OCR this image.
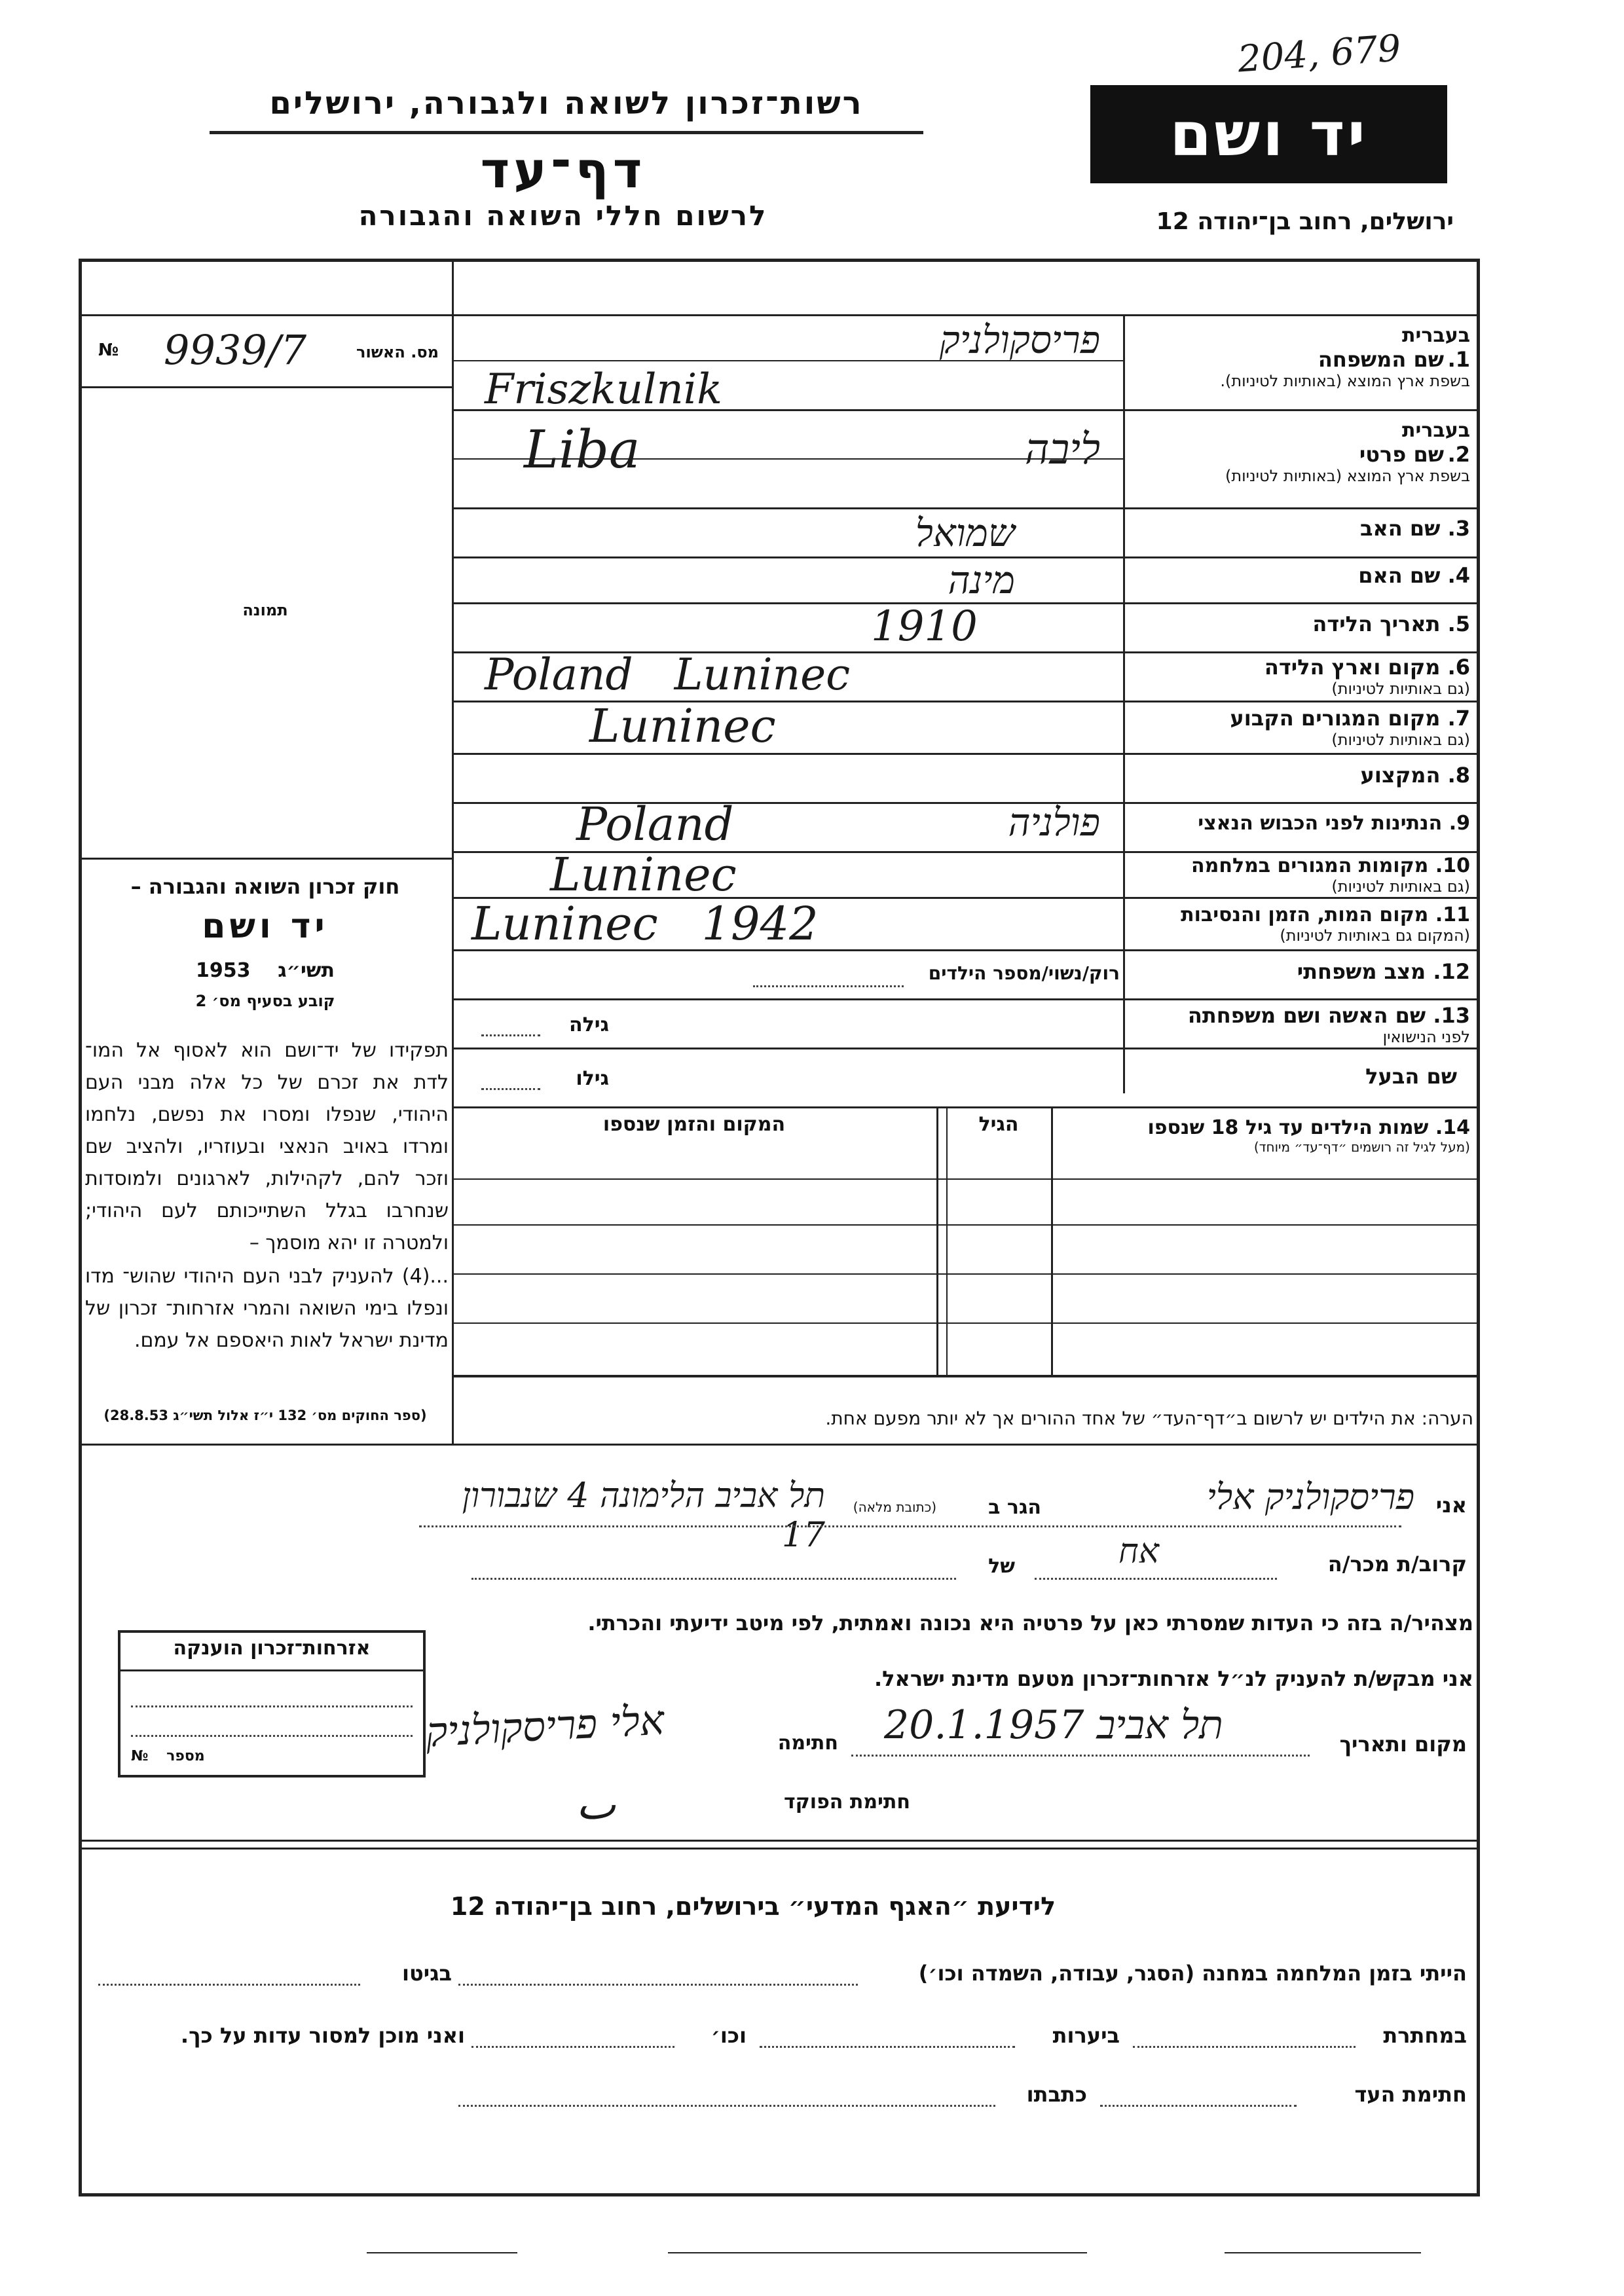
204, 679
רשות־זכרון לשואה ולגבורה, ירושלים	יד ושם
דף־עד
לרשום חללי השואה והגבורה	ירושלים, רחוב בן־יהודה 12
№ 9939/7	מס. האשור
תמונה
חוק זכרון השואה והגבורה –
יד ושם
1953 תשי״ג
קובע בסעיף מס׳ 2
תפקידו של יד־ושם הוא לאסוף אל המו־ לדת את זכרם של כל אלה מבני העם היהודי, שנפלו ומסרו את נפשם, נלחמו ומרדו באויב הנאצי ובעוזריו, ולהציב שם וזכר להם, לקהילות, לארגונים ולמוסדות שנחרבו בגלל השתייכותם לעם היהודי; ולמטרה זו יהא מוסמך –
...(4) להעניק לבני העם היהודי שהוש־ מדו ונפלו בימי השואה והמרי אזרחות־ זכרון של מדינת ישראל לאות היאספם אל עמם.
(ספר החוקים מס׳ 132 י״ז אלול תשי״ג 28.8.53)
בעברית
1. שם המשפחה
בשפת ארץ המוצא (באותיות לטיניות).
פריסקולניק
Friszkulnik
בעברית
2. שם פרטי
בשפת ארץ המוצא (באותיות לטיניות)
Liba	ליבה
3. שם האב
שמואל
4. שם האם
מינה
5. תאריך הלידה
1910
6. מקום וארץ הלידה
(גם באותיות לטיניות)
Poland   Luninec
7. מקום המגורים הקבוע
(גם באותיות לטיניות)
Luninec
8. המקצוע
9. הנתינות לפני הכבוש הנאצי
Poland	פולניה
10. מקומות המגורים במלחמה
(גם באותיות לטיניות)
Luninec
11. מקום המות, הזמן והנסיבות
(המקום גם באותיות לטיניות)
Luninec   1942
12. מצב משפחתי
רוק/נשוי/מספר הילדים
13. שם האשה ושם משפחתה
לפני הנישואין
גילה
שם הבעל
גילו
14. שמות הילדים עד גיל 18 שנספו
(מעל לגיל זה רושמים ״דף־עד״ מיוחד)
הגיל
המקום והזמן שנספו
הערה: את הילדים יש לרשום ב״דף־העד״ של אחד ההורים אך לא יותר מפעם אחת.
אני
פריסקולניק אלי
הגר ב
(כתובת מלאה)
תל אביב הלימונה 4 שנבורון 17
קרוב/ת מכר/ה
אח
של
מצהיר/ה בזה כי העדות שמסרתי כאן על פרטיה היא נכונה ואמתית, לפי מיטב ידיעתי והכרתי.
אני מבקש/ת להעניק לנ״ל אזרחות־זכרון מטעם מדינת ישראל.
מקום ותאריך
תל אביב 20.1.1957
חתימה
אלי פריסקולניק
חתימת הפוקד
ٮ
אזרחות־זכרון הוענקה
№ מספר
לידיעת ״האגף המדעי״ בירושלים, רחוב בן־יהודה 12
הייתי בזמן המלחמה במחנה (הסגר, עבודה, השמדה וכו׳)
בגיטו
במחתרת
ביערות
וכו׳
ואני מוכן למסור עדות על כך.
חתימת העד
כתבתו
